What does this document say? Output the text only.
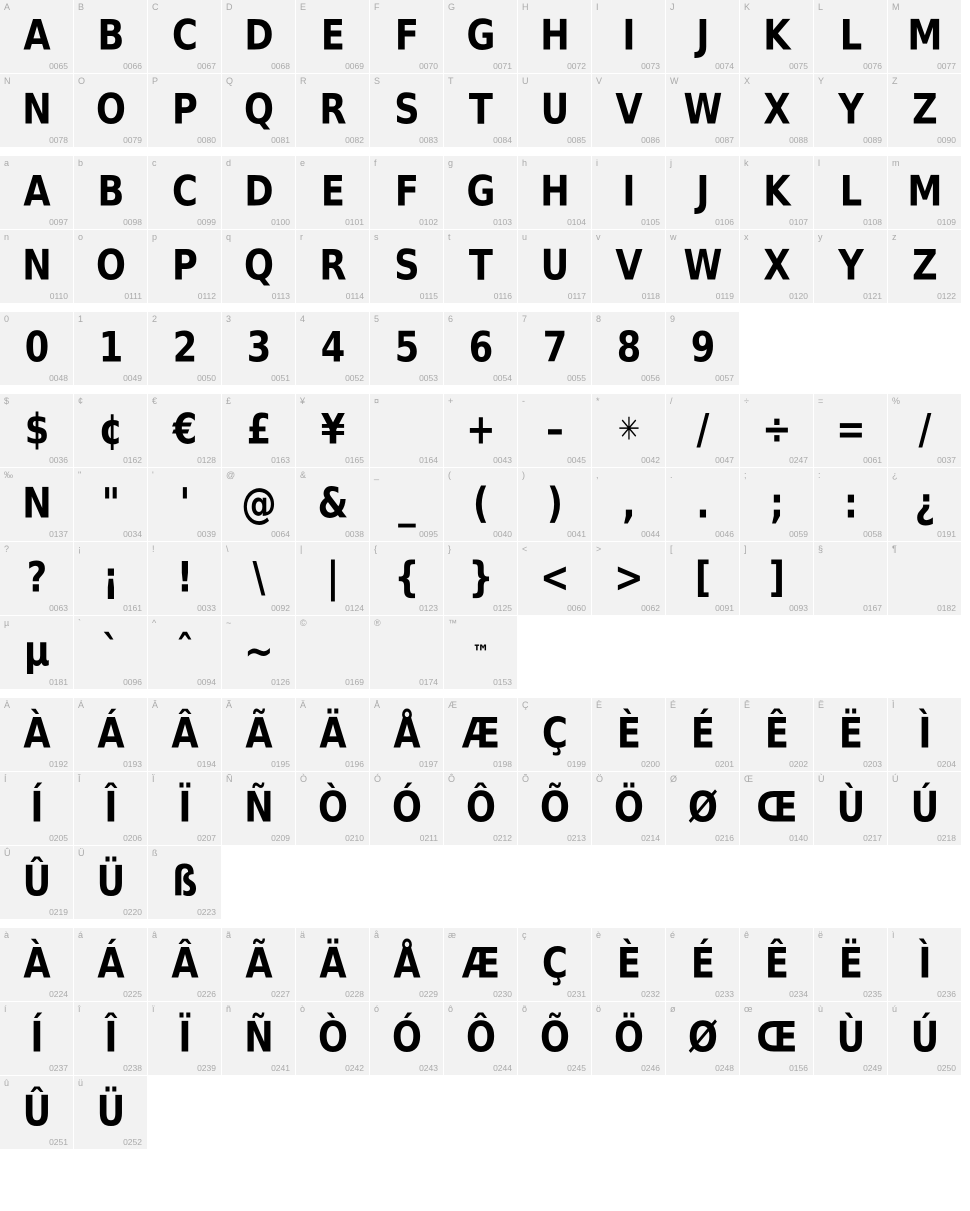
A
A
0065
B
B
0066
C
C
0067
D
D
0068
E
E
0069
F
F
0070
G
G
0071
H
H
0072
I
I
0073
J
J
0074
K
K
0075
L
L
0076
M
M
0077
N
N
0078
O
O
0079
P
P
0080
Q
Q
0081
R
R
0082
S
S
0083
T
T
0084
U
U
0085
V
V
0086
W
W
0087
X
X
0088
Y
Y
0089
Z
Z
0090
a
A
0097
b
B
0098
c
C
0099
d
D
0100
e
E
0101
f
F
0102
g
G
0103
h
H
0104
i
I
0105
j
J
0106
k
K
0107
l
L
0108
m
M
0109
n
N
0110
o
O
0111
p
P
0112
q
Q
0113
r
R
0114
s
S
0115
t
T
0116
u
U
0117
v
V
0118
w
W
0119
x
X
0120
y
Y
0121
z
Z
0122
0
0
0048
1
1
0049
2
2
0050
3
3
0051
4
4
0052
5
5
0053
6
6
0054
7
7
0055
8
8
0056
9
9
0057
$
$
0036
¢
¢
0162
€
€
0128
£
£
0163
¥
¥
0165
¤
0164
+
+
0043
-
–
0045
*
✳
0042
/
/
0047
÷
÷
0247
=
=
0061
%
/
0037
‰
N
0137
"
"
0034
'
'
0039
@
@
0064
&
&
0038
_
_
0095
(
(
0040
)
)
0041
,
,
0044
.
.
0046
;
;
0059
:
:
0058
¿
¿
0191
?
?
0063
¡
¡
0161
!
!
0033
\
\
0092
|
|
0124
{
{
0123
}
}
0125
<
<
0060
>
>
0062
[
[
0091
]
]
0093
§
0167
¶
0182
µ
µ
0181
`
`
0096
^
ˆ
0094
~
~
0126
©
0169
®
0174
™
™
0153
À
À
0192
Á
Á
0193
Â
Â
0194
Ã
Ã
0195
Ä
Ä
0196
Å
Å
0197
Æ
Æ
0198
Ç
Ç
0199
È
È
0200
É
É
0201
Ê
Ê
0202
Ë
Ë
0203
Ì
Ì
0204
Í
Í
0205
Î
Î
0206
Ï
Ï
0207
Ñ
Ñ
0209
Ò
Ò
0210
Ó
Ó
0211
Ô
Ô
0212
Õ
Õ
0213
Ö
Ö
0214
Ø
Ø
0216
Œ
Œ
0140
Ù
Ù
0217
Ú
Ú
0218
Û
Û
0219
Ü
Ü
0220
ß
ß
0223
à
À
0224
á
Á
0225
â
Â
0226
ã
Ã
0227
ä
Ä
0228
å
Å
0229
æ
Æ
0230
ç
Ç
0231
è
È
0232
é
É
0233
ê
Ê
0234
ë
Ë
0235
ì
Ì
0236
í
Í
0237
î
Î
0238
ï
Ï
0239
ñ
Ñ
0241
ò
Ò
0242
ó
Ó
0243
ô
Ô
0244
õ
Õ
0245
ö
Ö
0246
ø
Ø
0248
œ
Œ
0156
ù
Ù
0249
ú
Ú
0250
û
Û
0251
ü
Ü
0252
